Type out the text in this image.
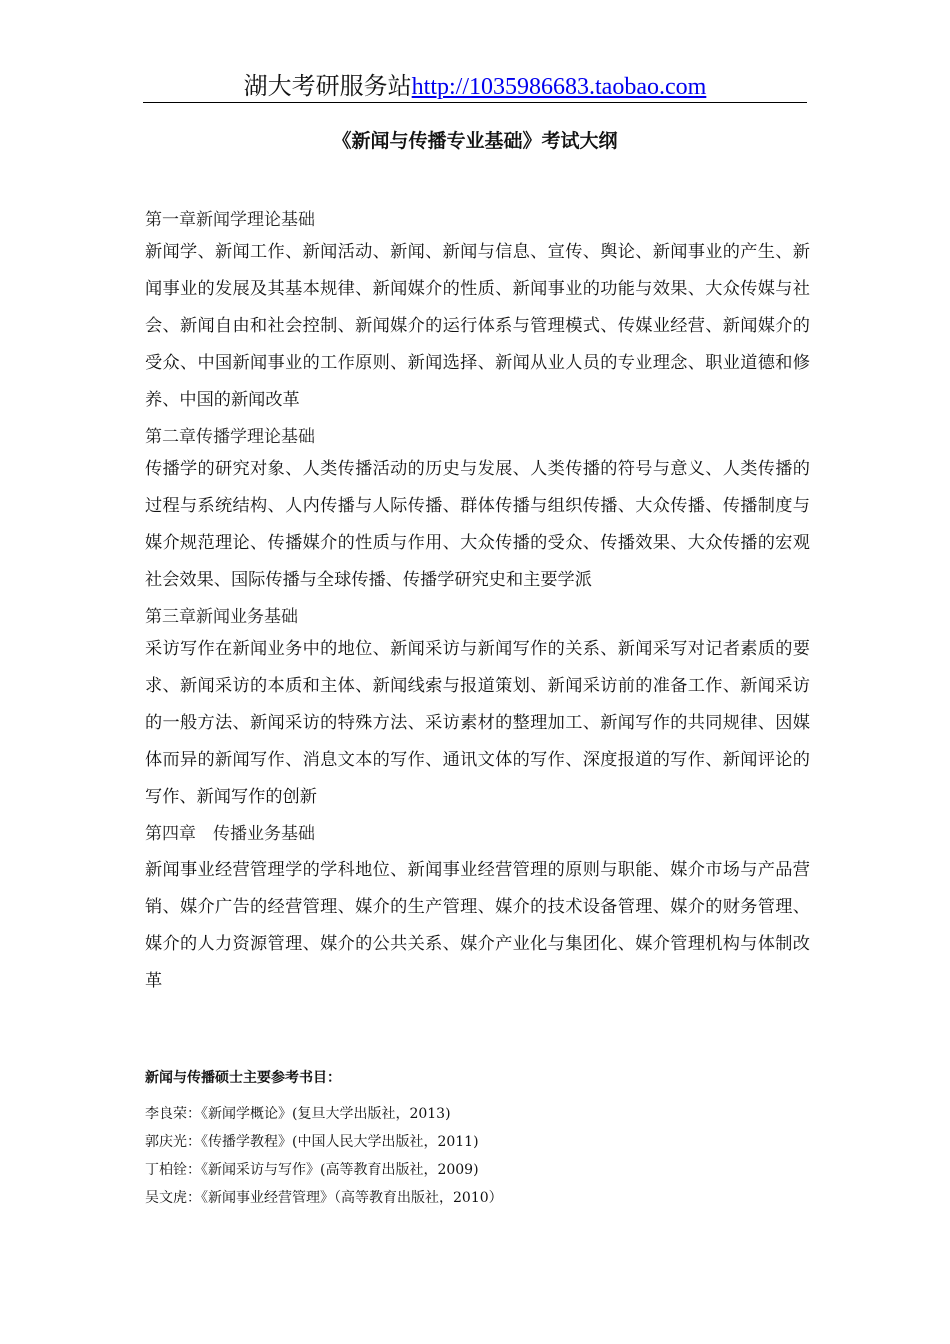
湖大考研服务站http://1035986683.taobao.com
《新闻与传播专业基础》考试大纲
第一章新闻学理论基础

新闻学、新闻工作、新闻活动、新闻、新闻与信息、宣传、舆论、新闻事业的产生、新闻事业的发展及其基本规律、新闻媒介的性质、新闻事业的功能与效果、大众传媒与社会、新闻自由和社会控制、新闻媒介的运行体系与管理模式、传媒业经营、新闻媒介的受众、中国新闻事业的工作原则、新闻选择、新闻从业人员的专业理念、职业道德和修养、中国的新闻改革

第二章传播学理论基础

传播学的研究对象、人类传播活动的历史与发展、人类传播的符号与意义、人类传播的过程与系统结构、人内传播与人际传播、群体传播与组织传播、大众传播、传播制度与媒介规范理论、传播媒介的性质与作用、大众传播的受众、传播效果、大众传播的宏观社会效果、国际传播与全球传播、传播学研究史和主要学派

第三章新闻业务基础

采访写作在新闻业务中的地位、新闻采访与新闻写作的关系、新闻采写对记者素质的要求、新闻采访的本质和主体、新闻线索与报道策划、新闻采访前的准备工作、新闻采访的一般方法、新闻采访的特殊方法、采访素材的整理加工、新闻写作的共同规律、因媒体而异的新闻写作、消息文本的写作、通讯文体的写作、深度报道的写作、新闻评论的写作、新闻写作的创新

第四章　传播业务基础

新闻事业经营管理学的学科地位、新闻事业经营管理的原则与职能、媒介市场与产品营销、媒介广告的经营管理、媒介的生产管理、媒介的技术设备管理、媒介的财务管理、媒介的人力资源管理、媒介的公共关系、媒介产业化与集团化、媒介管理机构与体制改革

新闻与传播硕士主要参考书目：
李良荣：《新闻学概论》(复旦大学出版社，2013)
郭庆光：《传播学教程》(中国人民大学出版社，2011)
丁柏铨：《新闻采访与写作》(高等教育出版社，2009)
吴文虎：《新闻事业经营管理》（高等教育出版社，2010）
